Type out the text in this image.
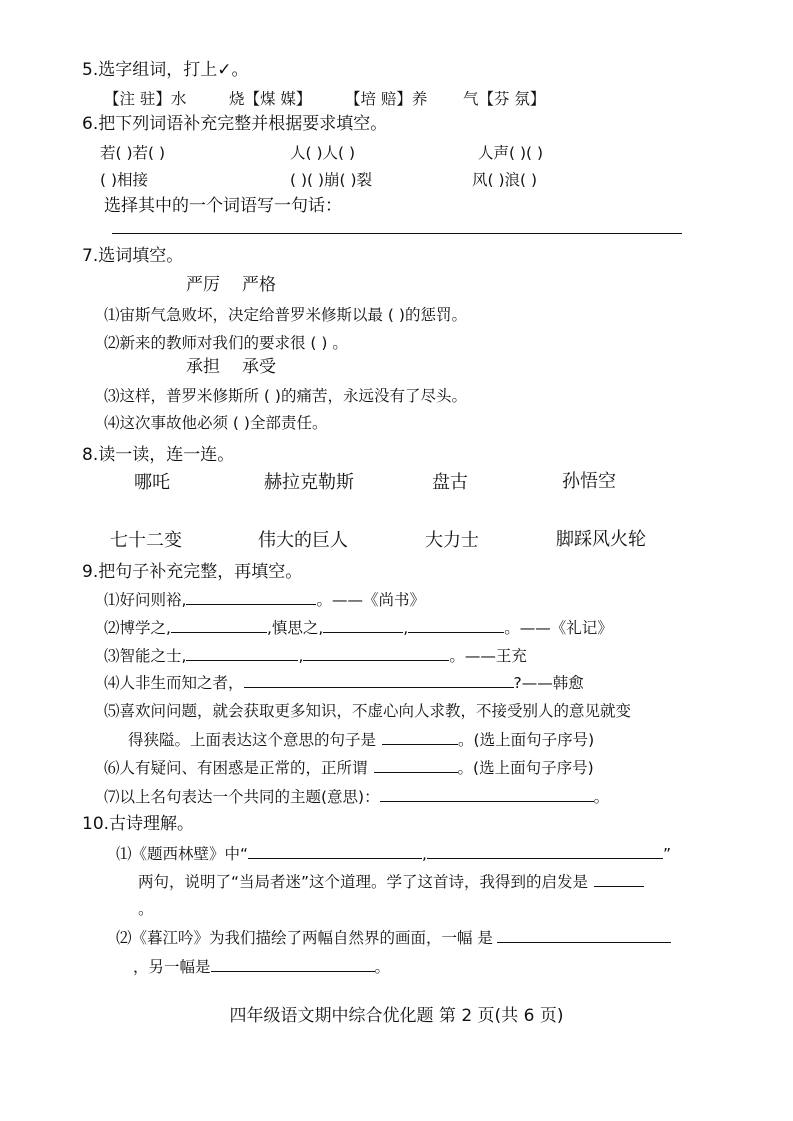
5.选字组词，打上✓。
【注 驻】水	烧【煤 媒】 【培 赔】养 气【芬 氛】
6.把下列词语补充完整并根据要求填空。
若( )若( )	人( )人( )	人声( )( )
( )相接	( )( )崩( )裂	风( )浪( )
选择其中的一个词语写一句话：
7.选词填空。
严厉 严格
⑴宙斯气急败坏，决定给普罗米修斯以最 ( )的惩罚。
⑵新来的教师对我们的要求很 ( ) 。
承担 承受
⑶这样，普罗米修斯所 ( )的痛苦，永远没有了尽头。
⑷这次事故他必须 ( )全部责任。
8.读一读，连一连。
哪吒	赫拉克勒斯	盘古	孙悟空
七十二变	伟大的巨人	大力士	脚踩风火轮
9.把句子补充完整，再填空。
⑴好问则裕,	。——《尚书》
⑵博学之,	,慎思之,	,	。——《礼记》
⑶智能之士,	,	。——王充
⑷人非生而知之者，	?——韩愈
⑸喜欢问问题，就会获取更多知识，不虚心向人求教，不接受别人的意见就变
得狭隘。上面表达这个意思的句子是	。(选上面句子序号)
⑹人有疑问、有困惑是正常的，正所谓	。(选上面句子序号)
⑺以上名句表达一个共同的主题(意思)：	。
10.古诗理解。
⑴《题西林壁》中“	,	”
两句，说明了“当局者迷”这个道理。学了这首诗，我得到的启发是
。
⑵《暮江吟》为我们描绘了两幅自然界的画面，一幅 是
，另一幅是	。
四年级语文期中综合优化题 第 2 页(共 6 页)
